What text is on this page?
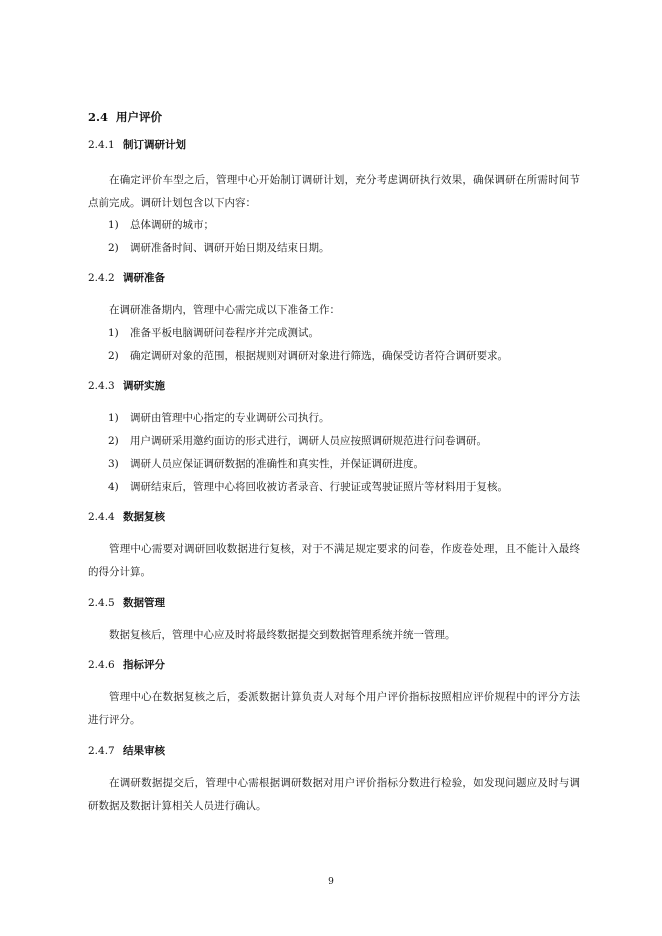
2.4 用户评价
2.4.1 制订调研计划
在确定评价车型之后，管理中心开始制订调研计划，充分考虑调研执行效果，确保调研在所需时间节点前完成。调研计划包含以下内容：
1) 总体调研的城市；
2) 调研准备时间、调研开始日期及结束日期。
2.4.2 调研准备
在调研准备期内，管理中心需完成以下准备工作：
1) 准备平板电脑调研问卷程序并完成测试。
2) 确定调研对象的范围，根据规则对调研对象进行筛选，确保受访者符合调研要求。
2.4.3 调研实施
1) 调研由管理中心指定的专业调研公司执行。
2) 用户调研采用邀约面访的形式进行，调研人员应按照调研规范进行问卷调研。
3) 调研人员应保证调研数据的准确性和真实性，并保证调研进度。
4) 调研结束后，管理中心将回收被访者录音、行驶证或驾驶证照片等材料用于复核。
2.4.4 数据复核
管理中心需要对调研回收数据进行复核，对于不满足规定要求的问卷，作废卷处理，且不能计入最终的得分计算。
2.4.5 数据管理
数据复核后，管理中心应及时将最终数据提交到数据管理系统并统一管理。
2.4.6 指标评分
管理中心在数据复核之后，委派数据计算负责人对每个用户评价指标按照相应评价规程中的评分方法进行评分。
2.4.7 结果审核
在调研数据提交后，管理中心需根据调研数据对用户评价指标分数进行检验，如发现问题应及时与调研数据及数据计算相关人员进行确认。
9
